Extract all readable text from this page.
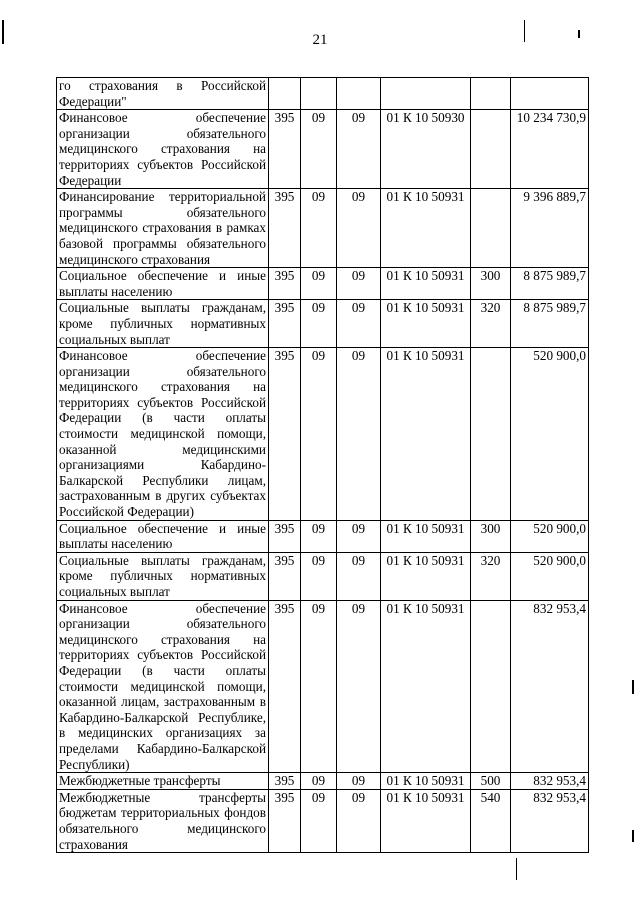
21
го страхования в Российской Федерации"						
Финансовое обеспечение организации обязательного медицинского страхования на территориях субъектов Российской Федерации	395	09	09	01 К 10 50930		10 234 730,9
Финансирование территориальной программы обязательного медицинского страхования в рамках базовой программы обязательного медицинского страхования	395	09	09	01 К 10 50931		9 396 889,7
Социальное обеспечение и иные выплаты населению	395	09	09	01 К 10 50931	300	8 875 989,7
Социальные выплаты гражданам, кроме публичных нормативных социальных выплат	395	09	09	01 К 10 50931	320	8 875 989,7
Финансовое обеспечение организации обязательного медицинского страхования на территориях субъектов Российской Федерации (в части оплаты стоимости медицинской помощи, оказанной медицинскими организациями Кабардино-Балкарской Республики лицам, застрахованным в других субъектах Российской Федерации)	395	09	09	01 К 10 50931		520 900,0
Социальное обеспечение и иные выплаты населению	395	09	09	01 К 10 50931	300	520 900,0
Социальные выплаты гражданам, кроме публичных нормативных социальных выплат	395	09	09	01 К 10 50931	320	520 900,0
Финансовое обеспечение организации обязательного медицинского страхования на территориях субъектов Российской Федерации (в части оплаты стоимости медицинской помощи, оказанной лицам, застрахованным в Кабардино-Балкарской Республике, в медицинских организациях за пределами Кабардино-Балкарской Республики)	395	09	09	01 К 10 50931		832 953,4
Межбюджетные трансферты	395	09	09	01 К 10 50931	500	832 953,4
Межбюджетные трансферты бюджетам территориальных фондов обязательного медицинского страхования	395	09	09	01 К 10 50931	540	832 953,4
